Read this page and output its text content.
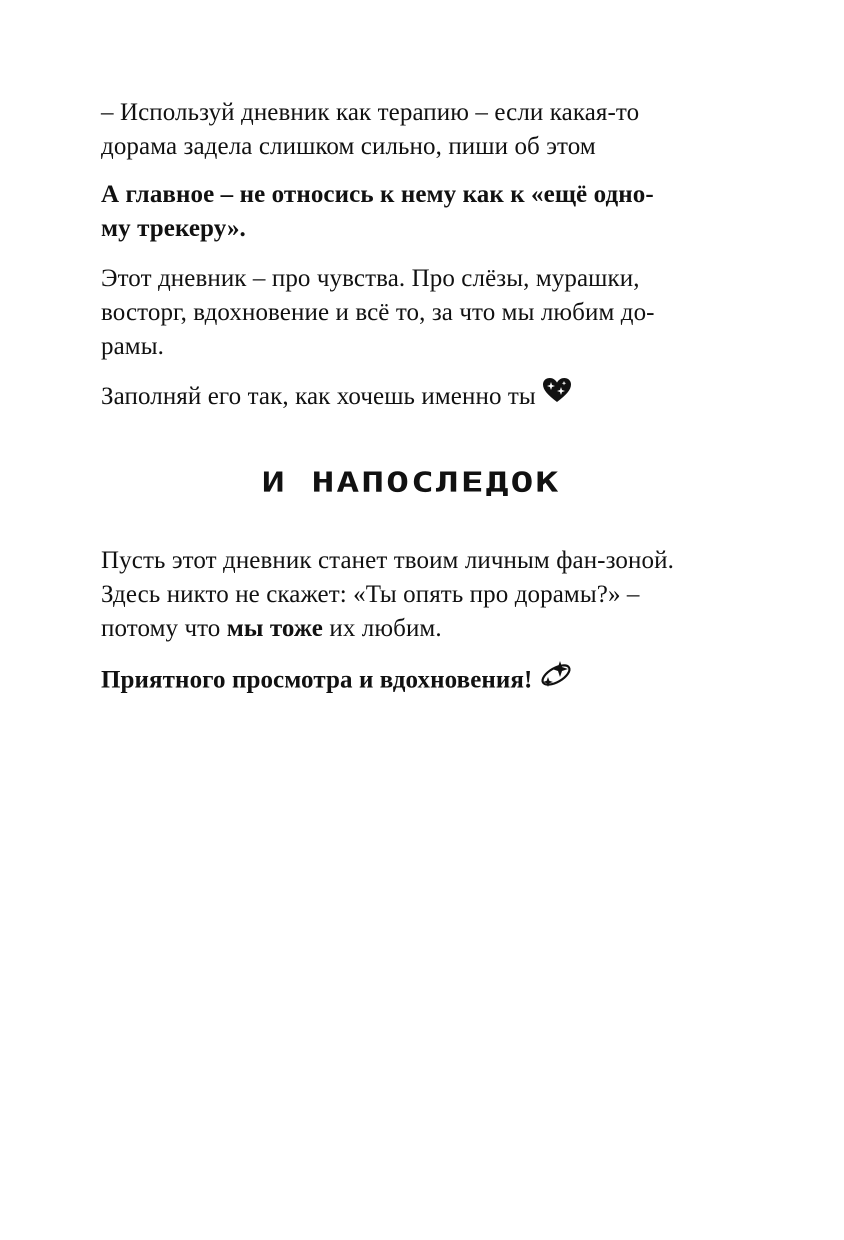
– Используй дневник как терапию – если какая-то
дорама задела слишком сильно, пиши об этом

А главное – не относись к нему как к «ещё одно-
му трекеру».

Этот дневник – про чувства. Про слёзы, мурашки,
восторг, вдохновение и всё то, за что мы любим до-
рамы.

Заполняй его так, как хочешь именно ты

И НАПОСЛЕДОК

Пусть этот дневник станет твоим личным фан-зоной.
Здесь никто не скажет: «Ты опять про дорамы?» –
потому что мы тоже их любим.

Приятного просмотра и вдохновения!
